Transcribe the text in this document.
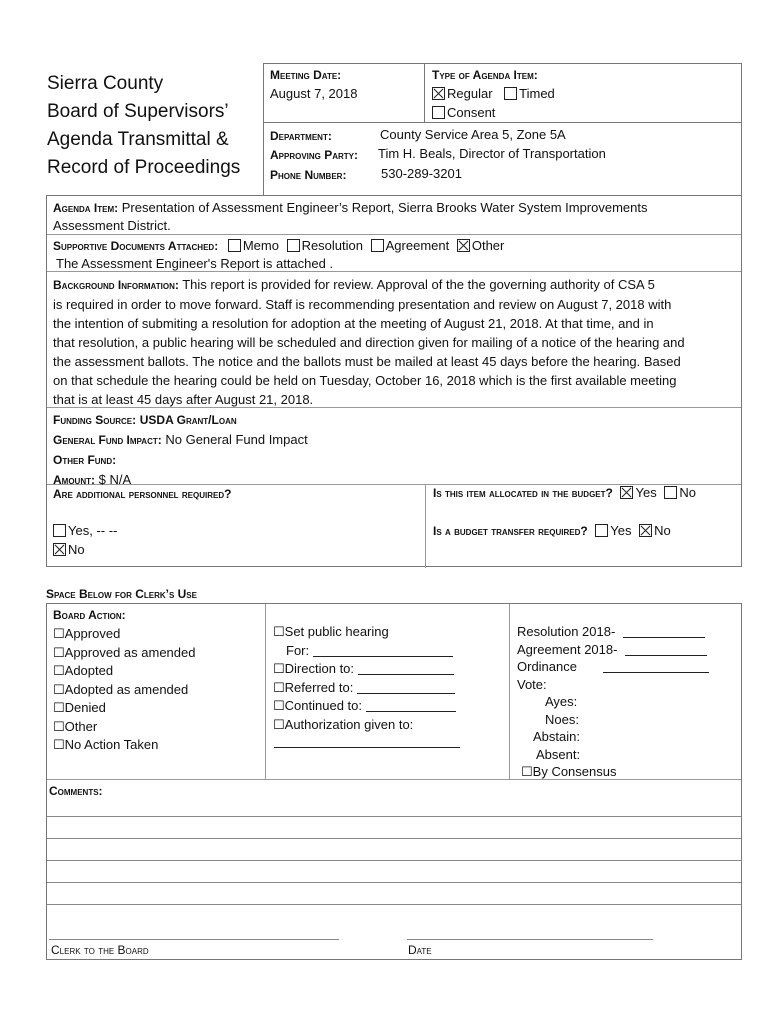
Sierra County
Board of Supervisors’
Agenda Transmittal &
Record of Proceedings
Meeting Date:
August 7, 2018
Type of Agenda Item:
Regular Timed
Consent
Department:	County Service Area 5, Zone 5A
Approving Party: Tim H. Beals, Director of Transportation
Phone Number:	530-289-3201
Agenda Item: Presentation of Assessment Engineer’s Report, Sierra Brooks Water System Improvements
Assessment District.
Supportive Documents Attached: Memo Resolution Agreement Other
The Assessment Engineer's Report is attached .
Background Information: This report is provided for review. Approval of the the governing authority of CSA 5
is required in order to move forward. Staff is recommending presentation and review on August 7, 2018 with
the intention of submiting a resolution for adoption at the meeting of August 21, 2018. At that time, and in
that resolution, a public hearing will be scheduled and direction given for mailing of a notice of the hearing and
the assessment ballots. The notice and the ballots must be mailed at least 45 days before the hearing. Based
on that schedule the hearing could be held on Tuesday, October 16, 2018 which is the first available meeting
that is at least 45 days after August 21, 2018.
Funding Source: USDA Grant/Loan
General Fund Impact: No General Fund Impact
Other Fund:
Amount: $ N/A
Are additional personnel required?
Yes, -- --
No
Is this item allocated in the budget? Yes No
Is a budget transfer required? Yes No
Space Below for Clerk’s Use
Board Action:
☐Approved
☐Approved as amended
☐Adopted
☐Adopted as amended
☐Denied
☐Other
☐No Action Taken
☐Set public hearing
For:
☐Direction to:
☐Referred to:
☐Continued to:
☐Authorization given to:
Resolution 2018-
Agreement 2018-
Ordinance
Vote:
Ayes:
Noes:
Abstain:
Absent:
☐By Consensus
Comments:
Clerk to the Board	Date
